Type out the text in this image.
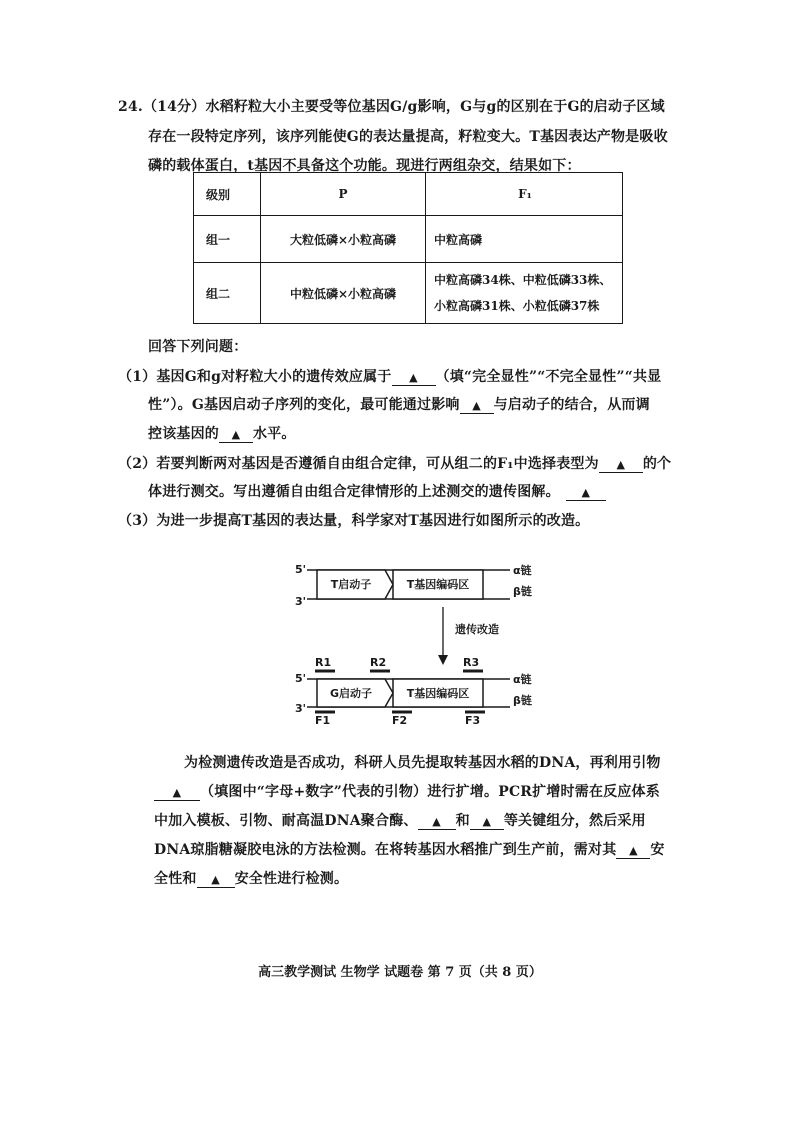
24.（14分）水稻籽粒大小主要受等位基因G/g影响，G与g的区别在于G的启动子区域
存在一段特定序列，该序列能使G的表达量提高，籽粒变大。T基因表达产物是吸收
磷的载体蛋白，t基因不具备这个功能。现进行两组杂交，结果如下：
级别	P	F₁
组一	大粒低磷×小粒高磷	中粒高磷
组二	中粒低磷×小粒高磷	中粒高磷34株、中粒低磷33株、
小粒高磷31株、小粒低磷37株
回答下列问题：
（1）基因G和g对籽粒大小的遗传效应属于 ▲ （填“完全显性”“不完全显性”“共显
性”）。G基因启动子序列的变化，最可能通过影响 ▲ 与启动子的结合，从而调
控该基因的 ▲ 水平。
（2）若要判断两对基因是否遵循自由组合定律，可从组二的F₁中选择表型为 ▲ 的个
体进行测交。写出遵循自由组合定律情形的上述测交的遗传图解。 ▲
（3）为进一步提高T基因的表达量，科学家对T基因进行如图所示的改造。
5'
3'
T启动子	T基因编码区
α链
β链
遗传改造
R1	R2	R3
5'
3'
G启动子	T基因编码区
α链
β链
F1	F2	F3
为检测遗传改造是否成功，科研人员先提取转基因水稻的DNA，再利用引物
▲ （填图中“字母+数字”代表的引物）进行扩增。PCR扩增时需在反应体系
中加入模板、引物、耐高温DNA聚合酶、 ▲ 和 ▲ 等关键组分，然后采用
DNA琼脂糖凝胶电泳的方法检测。在将转基因水稻推广到生产前，需对其 ▲ 安
全性和 ▲ 安全性进行检测。
高三教学测试 生物学 试题卷 第 7 页（共 8 页）
